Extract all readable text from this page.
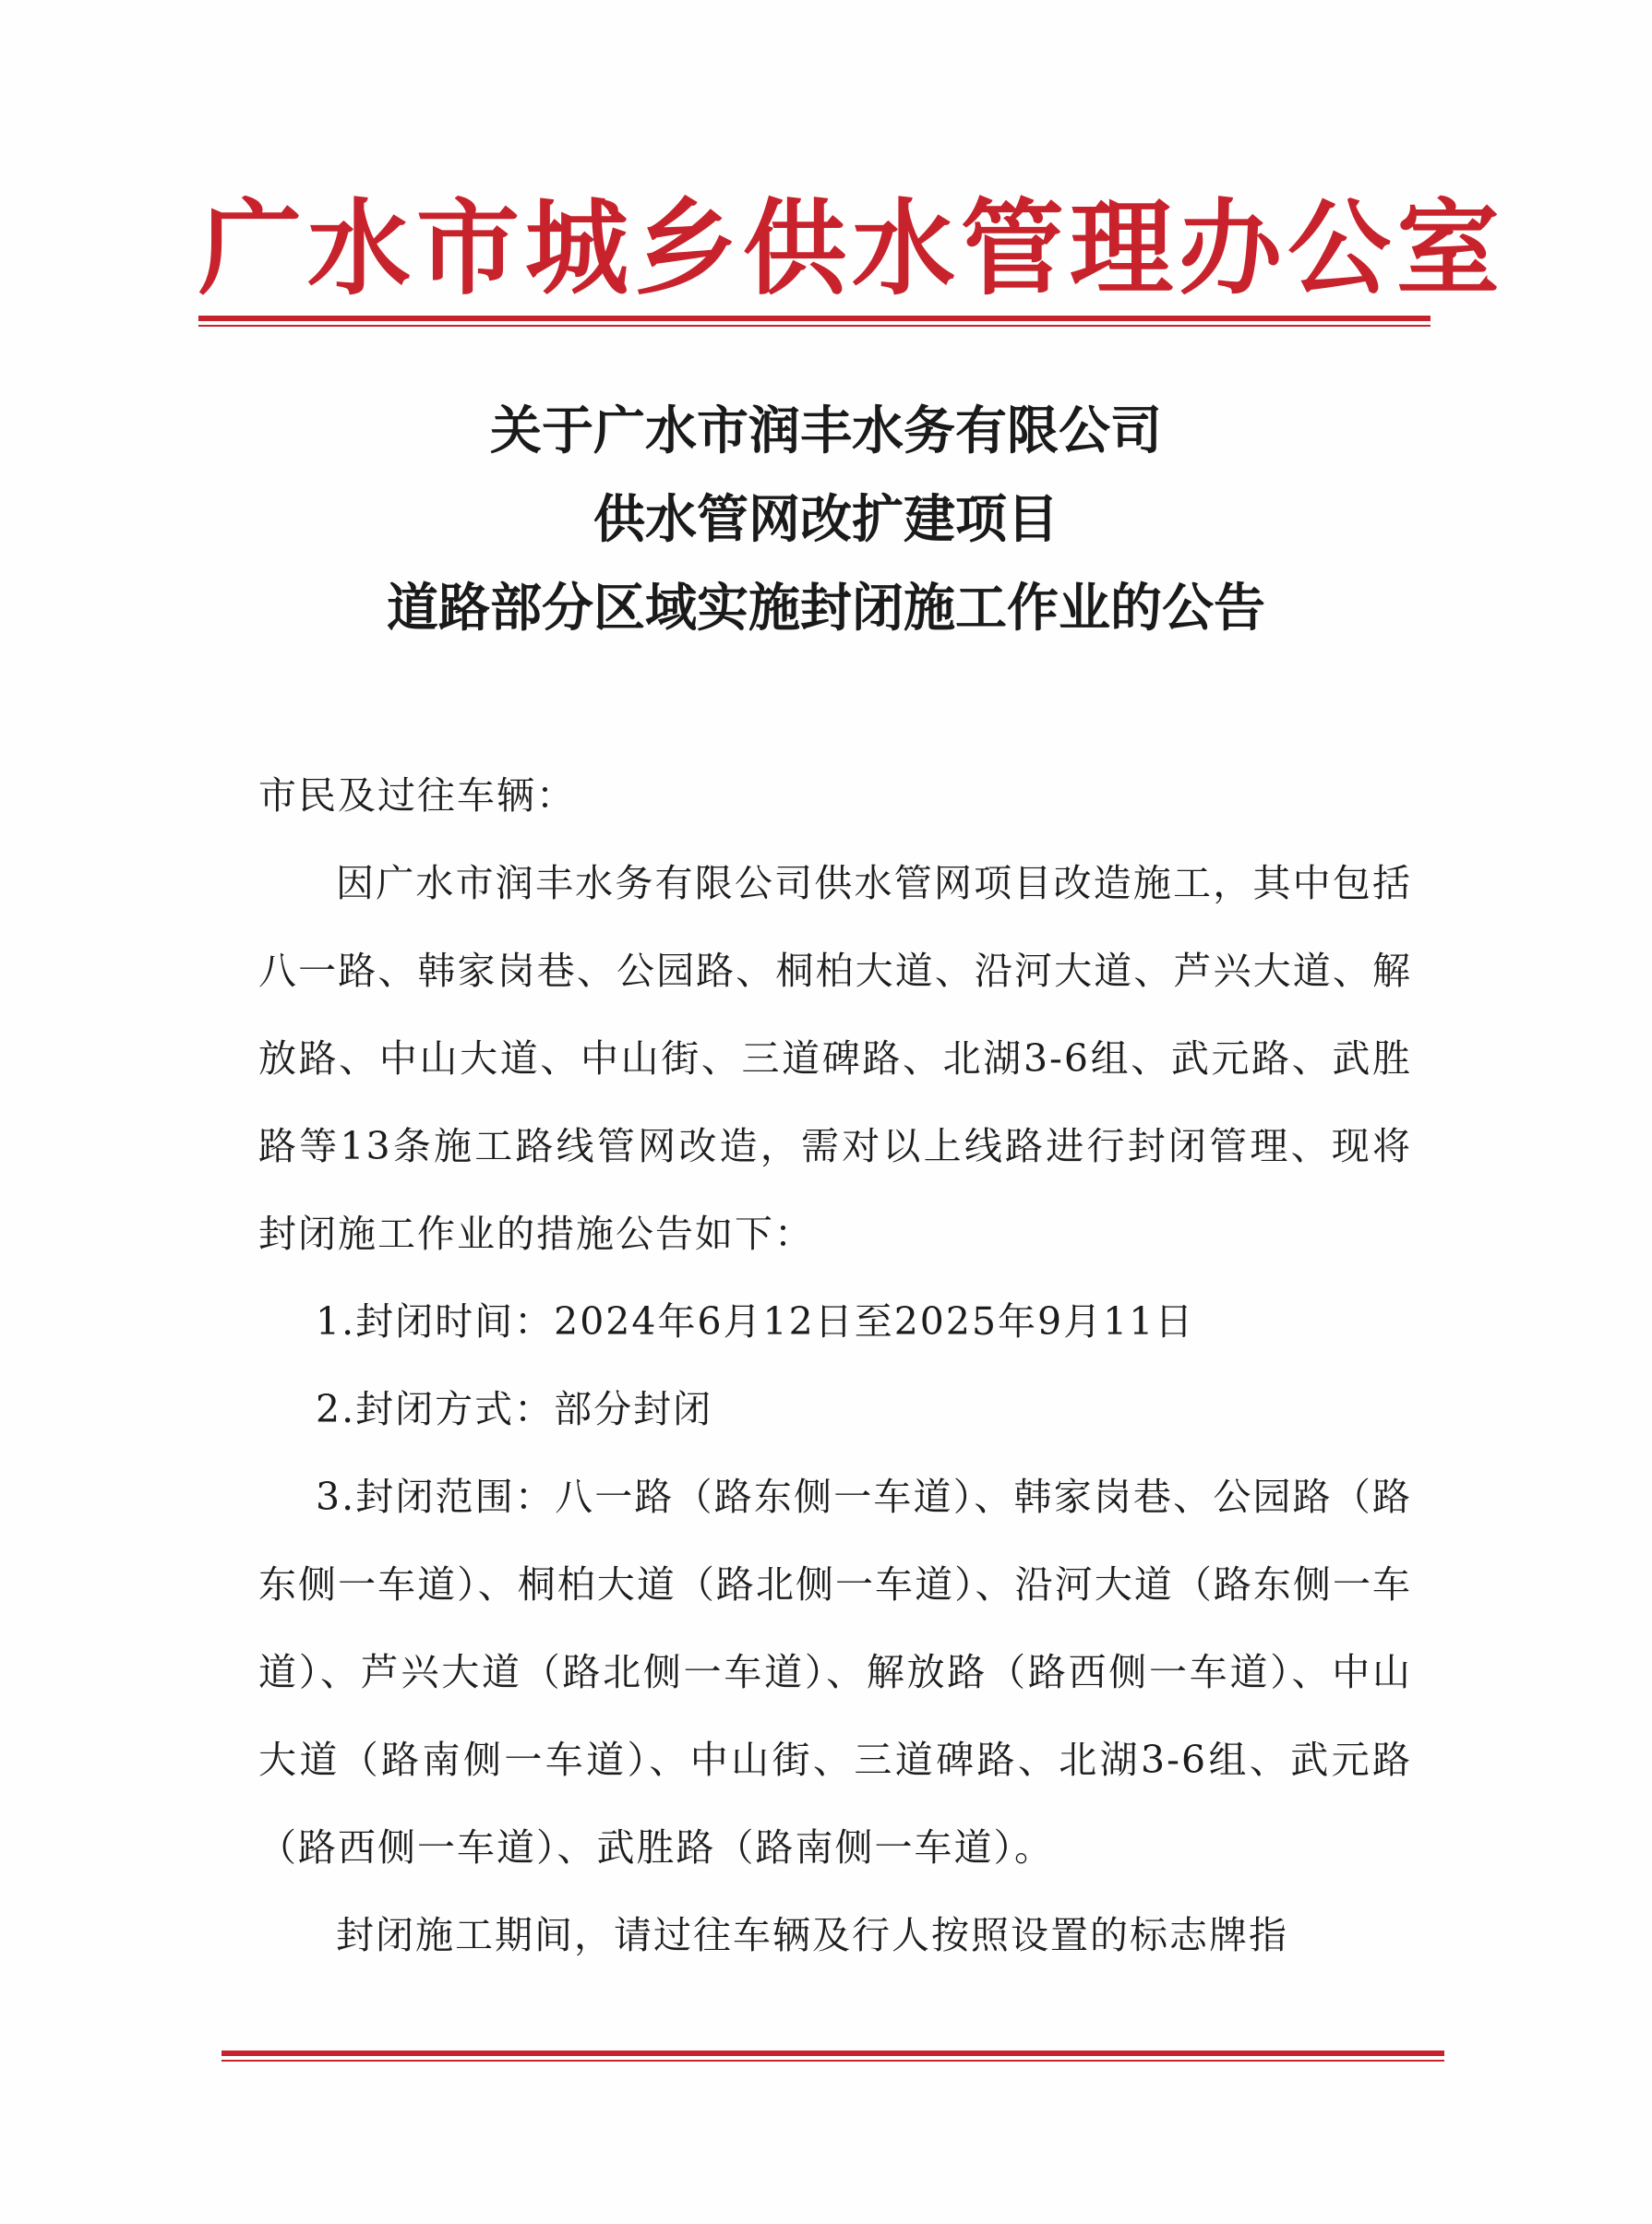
广水市城乡供水管理办公室
关于广水市润丰水务有限公司
供水管网改扩建项目
道路部分区域实施封闭施工作业的公告

市民及过往车辆：

因广水市润丰水务有限公司供水管网项目改造施工，其中包括八一路、韩家岗巷、公园路、桐柏大道、沿河大道、芦兴大道、解放路、中山大道、中山街、三道碑路、北湖3-6组、武元路、武胜路等13条施工路线管网改造，需对以上线路进行封闭管理、现将封闭施工作业的措施公告如下：

1.封闭时间：2024年6月12日至2025年9月11日

2.封闭方式：部分封闭

3.封闭范围：八一路（路东侧一车道）、韩家岗巷、公园路（路东侧一车道）、桐柏大道（路北侧一车道）、沿河大道（路东侧一车道）、芦兴大道（路北侧一车道）、解放路（路西侧一车道）、中山大道（路南侧一车道）、中山街、三道碑路、北湖3-6组、武元路（路西侧一车道）、武胜路（路南侧一车道）。

封闭施工期间，请过往车辆及行人按照设置的标志牌指
